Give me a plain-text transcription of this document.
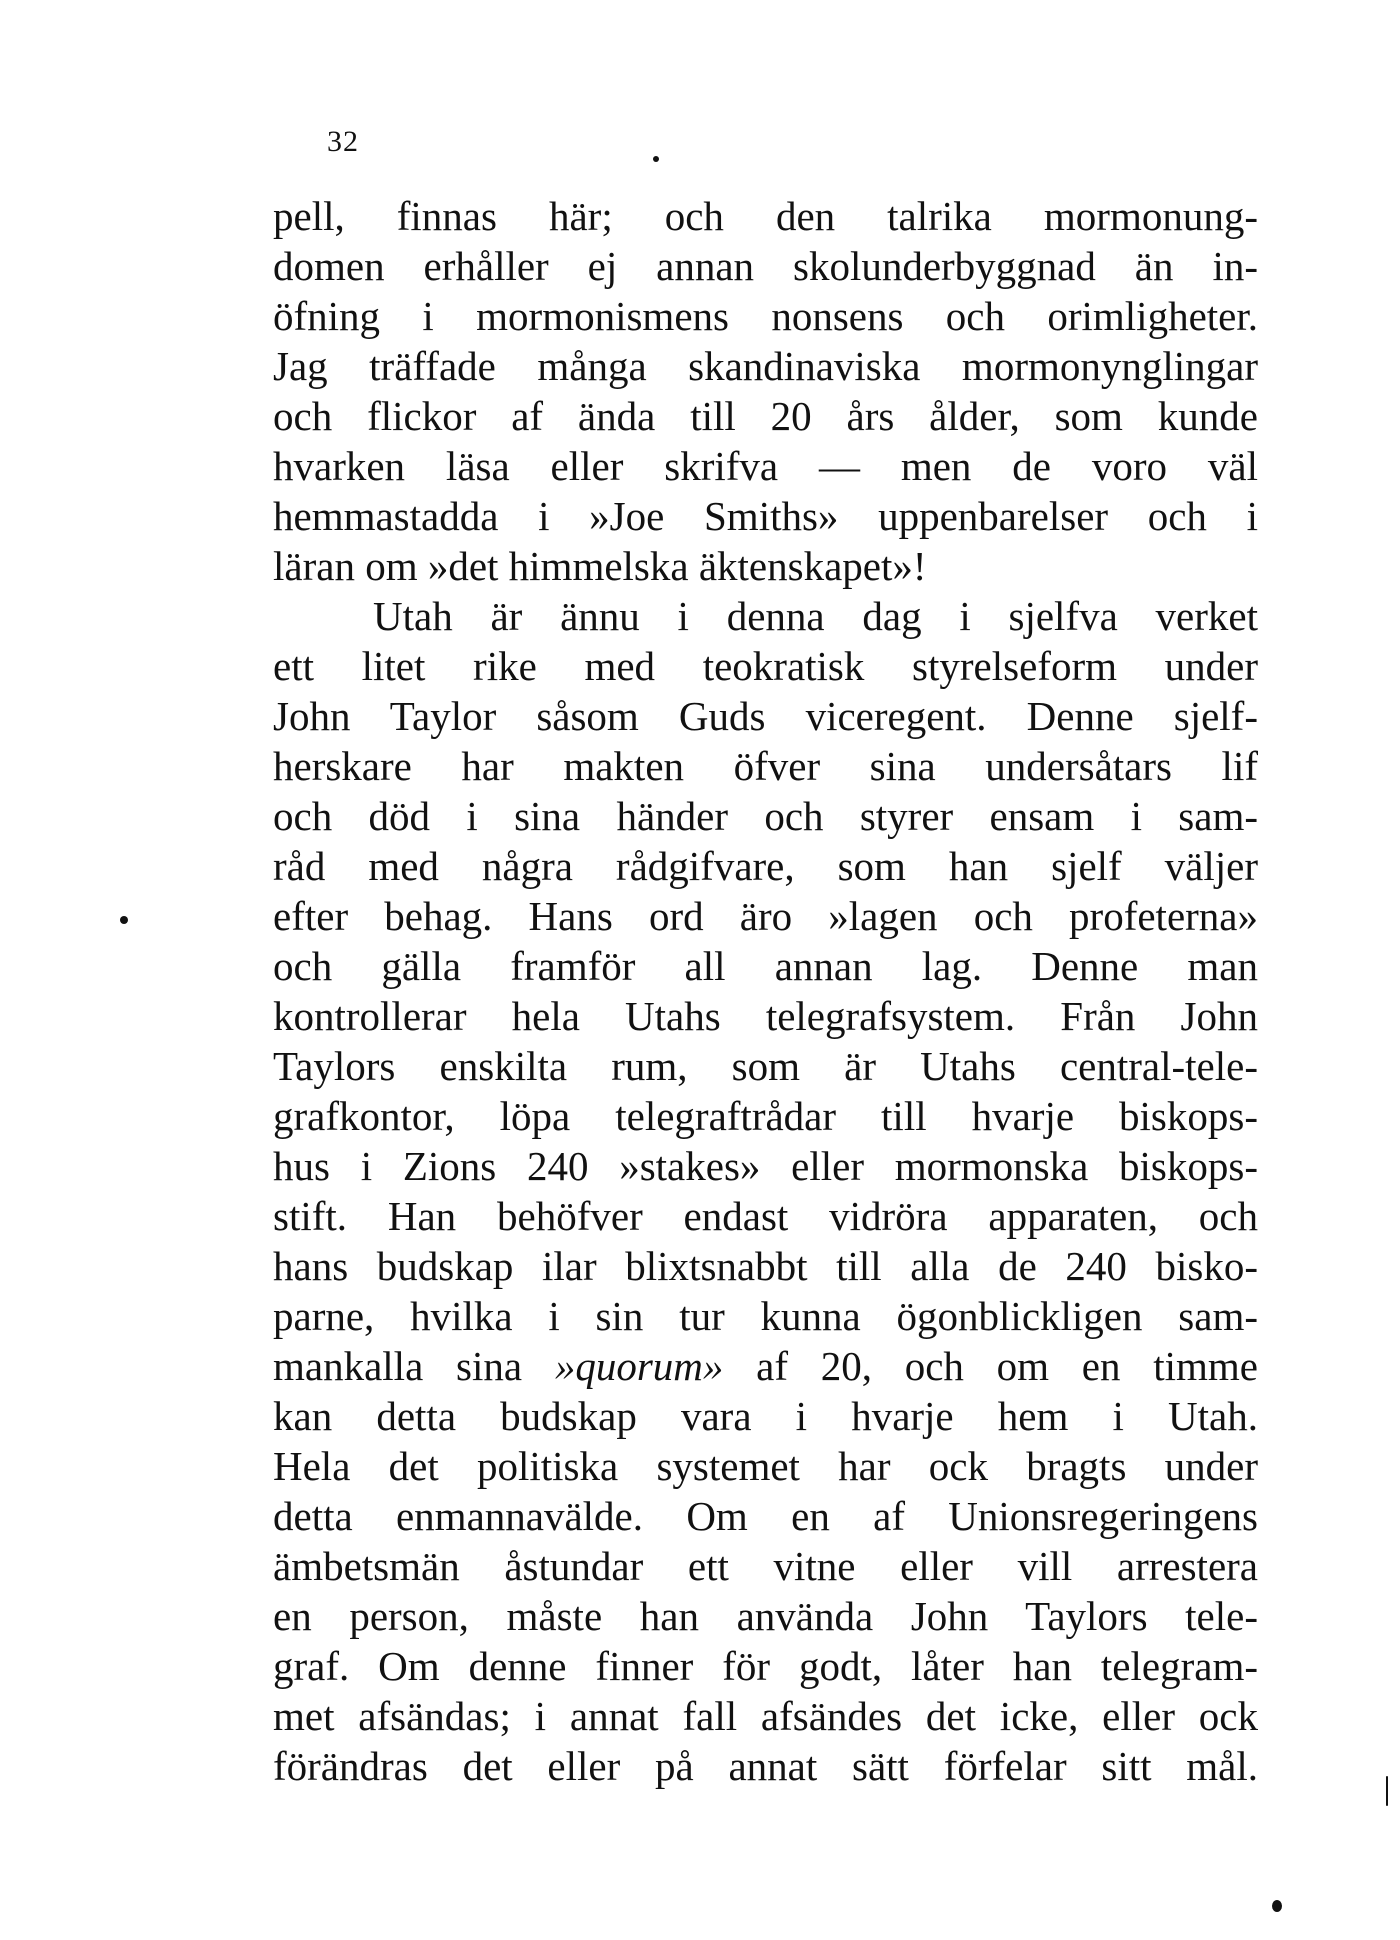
32
pell, finnas här; och den talrika mormonung-
domen erhåller ej annan skolunderbyggnad än in-
öfning i mormonismens nonsens och orimligheter.
Jag träffade många skandinaviska mormonynglingar
och flickor af ända till 20 års ålder, som kunde
hvarken läsa eller skrifva — men de voro väl
hemmastadda i »Joe Smiths» uppenbarelser och i
läran om »det himmelska äktenskapet»!
Utah är ännu i denna dag i sjelfva verket
ett litet rike med teokratisk styrelseform under
John Taylor såsom Guds viceregent. Denne sjelf-
herskare har makten öfver sina undersåtars lif
och död i sina händer och styrer ensam i sam-
råd med några rådgifvare, som han sjelf väljer
efter behag. Hans ord äro »lagen och profeterna»
och gälla framför all annan lag. Denne man
kontrollerar hela Utahs telegrafsystem. Från John
Taylors enskilta rum, som är Utahs central-tele-
grafkontor, löpa telegraftrådar till hvarje biskops-
hus i Zions 240 »stakes» eller mormonska biskops-
stift. Han behöfver endast vidröra apparaten, och
hans budskap ilar blixtsnabbt till alla de 240 bisko-
parne, hvilka i sin tur kunna ögonblickligen sam-
mankalla sina »quorum» af 20, och om en timme
kan detta budskap vara i hvarje hem i Utah.
Hela det politiska systemet har ock bragts under
detta enmannavälde. Om en af Unionsregeringens
ämbetsmän åstundar ett vitne eller vill arrestera
en person, måste han använda John Taylors tele-
graf. Om denne finner för godt, låter han telegram-
met afsändas; i annat fall afsändes det icke, eller ock
förändras det eller på annat sätt förfelar sitt mål.
